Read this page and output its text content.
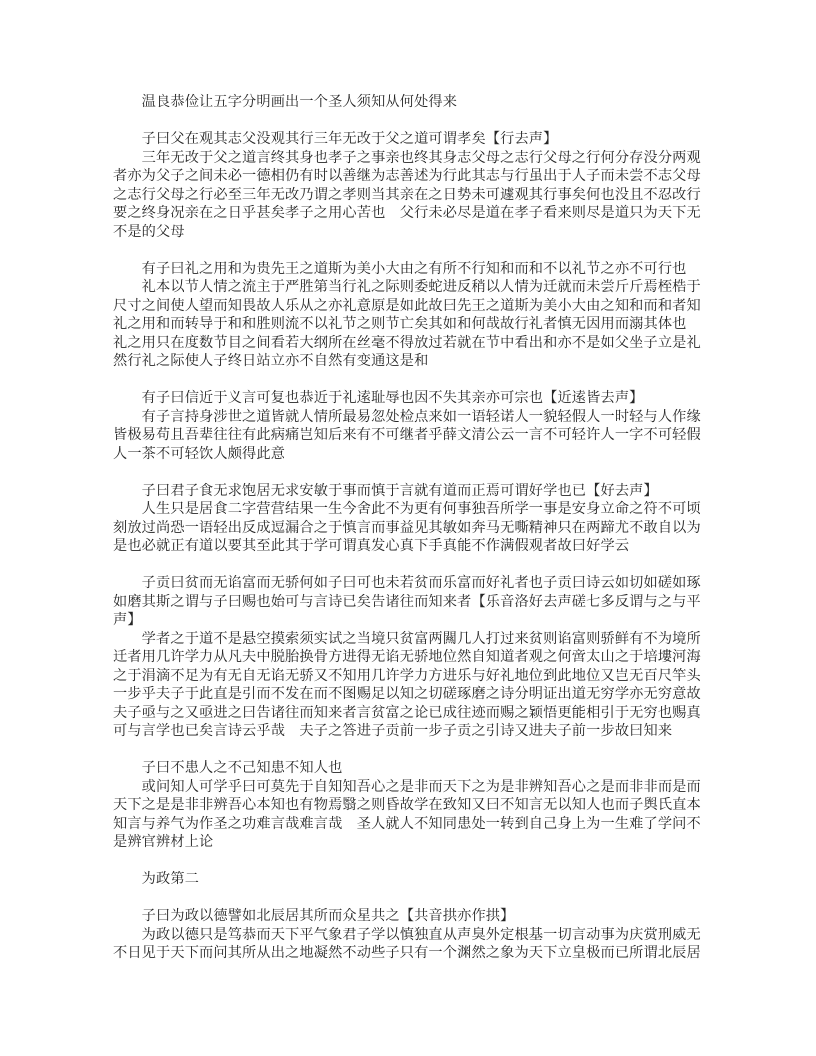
　　温良恭俭让五字分明画出一个圣人须知从何处得来
　　子曰父在观其志父没观其行三年无改于父之道可谓孝矣【行去声】
　　三年无改于父之道言终其身也孝子之事亲也终其身志父母之志行父母之行何分存没分两观
者亦为父子之间未必一德相仍有时以善继为志善述为行此其志与行虽出于人子而未尝不志父母
之志行父母之行必至三年无改乃谓之孝则当其亲在之日势未可遽观其行事矣何也没且不忍改行
要之终身况亲在之日乎甚矣孝子之用心苦也　父行未必尽是道在孝子看来则尽是道只为天下无
不是的父母
　　有子曰礼之用和为贵先王之道斯为美小大由之有所不行知和而和不以礼节之亦不可行也
　　礼本以节人情之流主于严胜第当行礼之际则委蛇进反稍以人情为迁就而未尝斤斤焉桎梏于
尺寸之间使人望而知畏故人乐从之亦礼意原是如此故曰先王之道斯为美小大由之知和而和者知
礼之用和而转导于和和胜则流不以礼节之则节亡矣其如和何哉故行礼者慎无因用而溺其体也
礼之用只在度数节目之间看若大纲所在丝毫不得放过若就在节中看出和亦不是如父坐子立是礼
然行礼之际使人子终日站立亦不自然有变通这是和
　　有子曰信近于义言可复也恭近于礼逺耻辱也因不失其亲亦可宗也【近逺皆去声】
　　有子言持身涉世之道皆就人情所最易忽处检点来如一语轻诺人一貌轻假人一时轻与人作缘
皆极易苟且吾辈往往有此病痛岂知后来有不可继者乎薛文清公云一言不可轻许人一字不可轻假
人一茶不可轻饮人颇得此意
　　子曰君子食无求饱居无求安敏于事而慎于言就有道而正焉可谓好学也已【好去声】
　　人生只是居食二字营营结果一生今舍此不为更有何事独吾所学一事是安身立命之符不可顷
刻放过尚恐一语轻出反成逗漏合之于慎言而事益见其敏如奔马无嘶精神只在两蹄尤不敢自以为
是也必就正有道以要其至此其于学可谓真发心真下手真能不作满假观者故曰好学云
　　子贡曰贫而无谄富而无骄何如子曰可也未若贫而乐富而好礼者也子贡曰诗云如切如磋如琢
如磨其斯之谓与子曰赐也始可与言诗已矣告诸往而知来者【乐音洛好去声磋七多反谓与之与平
声】
　　学者之于道不是悬空摸索须实试之当境只贫富两闗几人打过来贫则谄富则骄鲜有不为境所
迁者用几许学力从凡夫中脱胎换骨方进得无谄无骄地位然自知道者观之何啻太山之于培塿河海
之于涓滴不足为有无自无谄无骄又不知用几许学力方进乐与好礼地位到此地位又岂无百尺竿头
一步乎夫子于此直是引而不发在而不图赐足以知之切磋琢磨之诗分明证出道无穷学亦无穷意故
夫子亟与之又亟进之曰告诸往而知来者言贫富之论已成往迹而赐之颖悟更能相引于无穷也赐真
可与言学也已矣言诗云乎哉　夫子之答进子贡前一步子贡之引诗又进夫子前一步故曰知来
　　子曰不患人之不己知患不知人也
　　或问知人可学乎曰可莫先于自知知吾心之是非而天下之为是非辨知吾心之是而非非而是而
天下之是是非非辨吾心本知也有物焉翳之则昏故学在致知又曰不知言无以知人也而子舆氏直本
知言与养气为作圣之功难言哉难言哉　圣人就人不知同患处一转到自己身上为一生难了学问不
是辨官辨材上论
　　为政第二
　　子曰为政以德譬如北辰居其所而众星共之【共音拱亦作拱】
　　为政以德只是笃恭而天下平气象君子学以慎独直从声臭外定根基一切言动事为庆赏刑威无
不日见于天下而问其所从出之地凝然不动些子只有一个渊然之象为天下立皇极而已所谓北辰居
